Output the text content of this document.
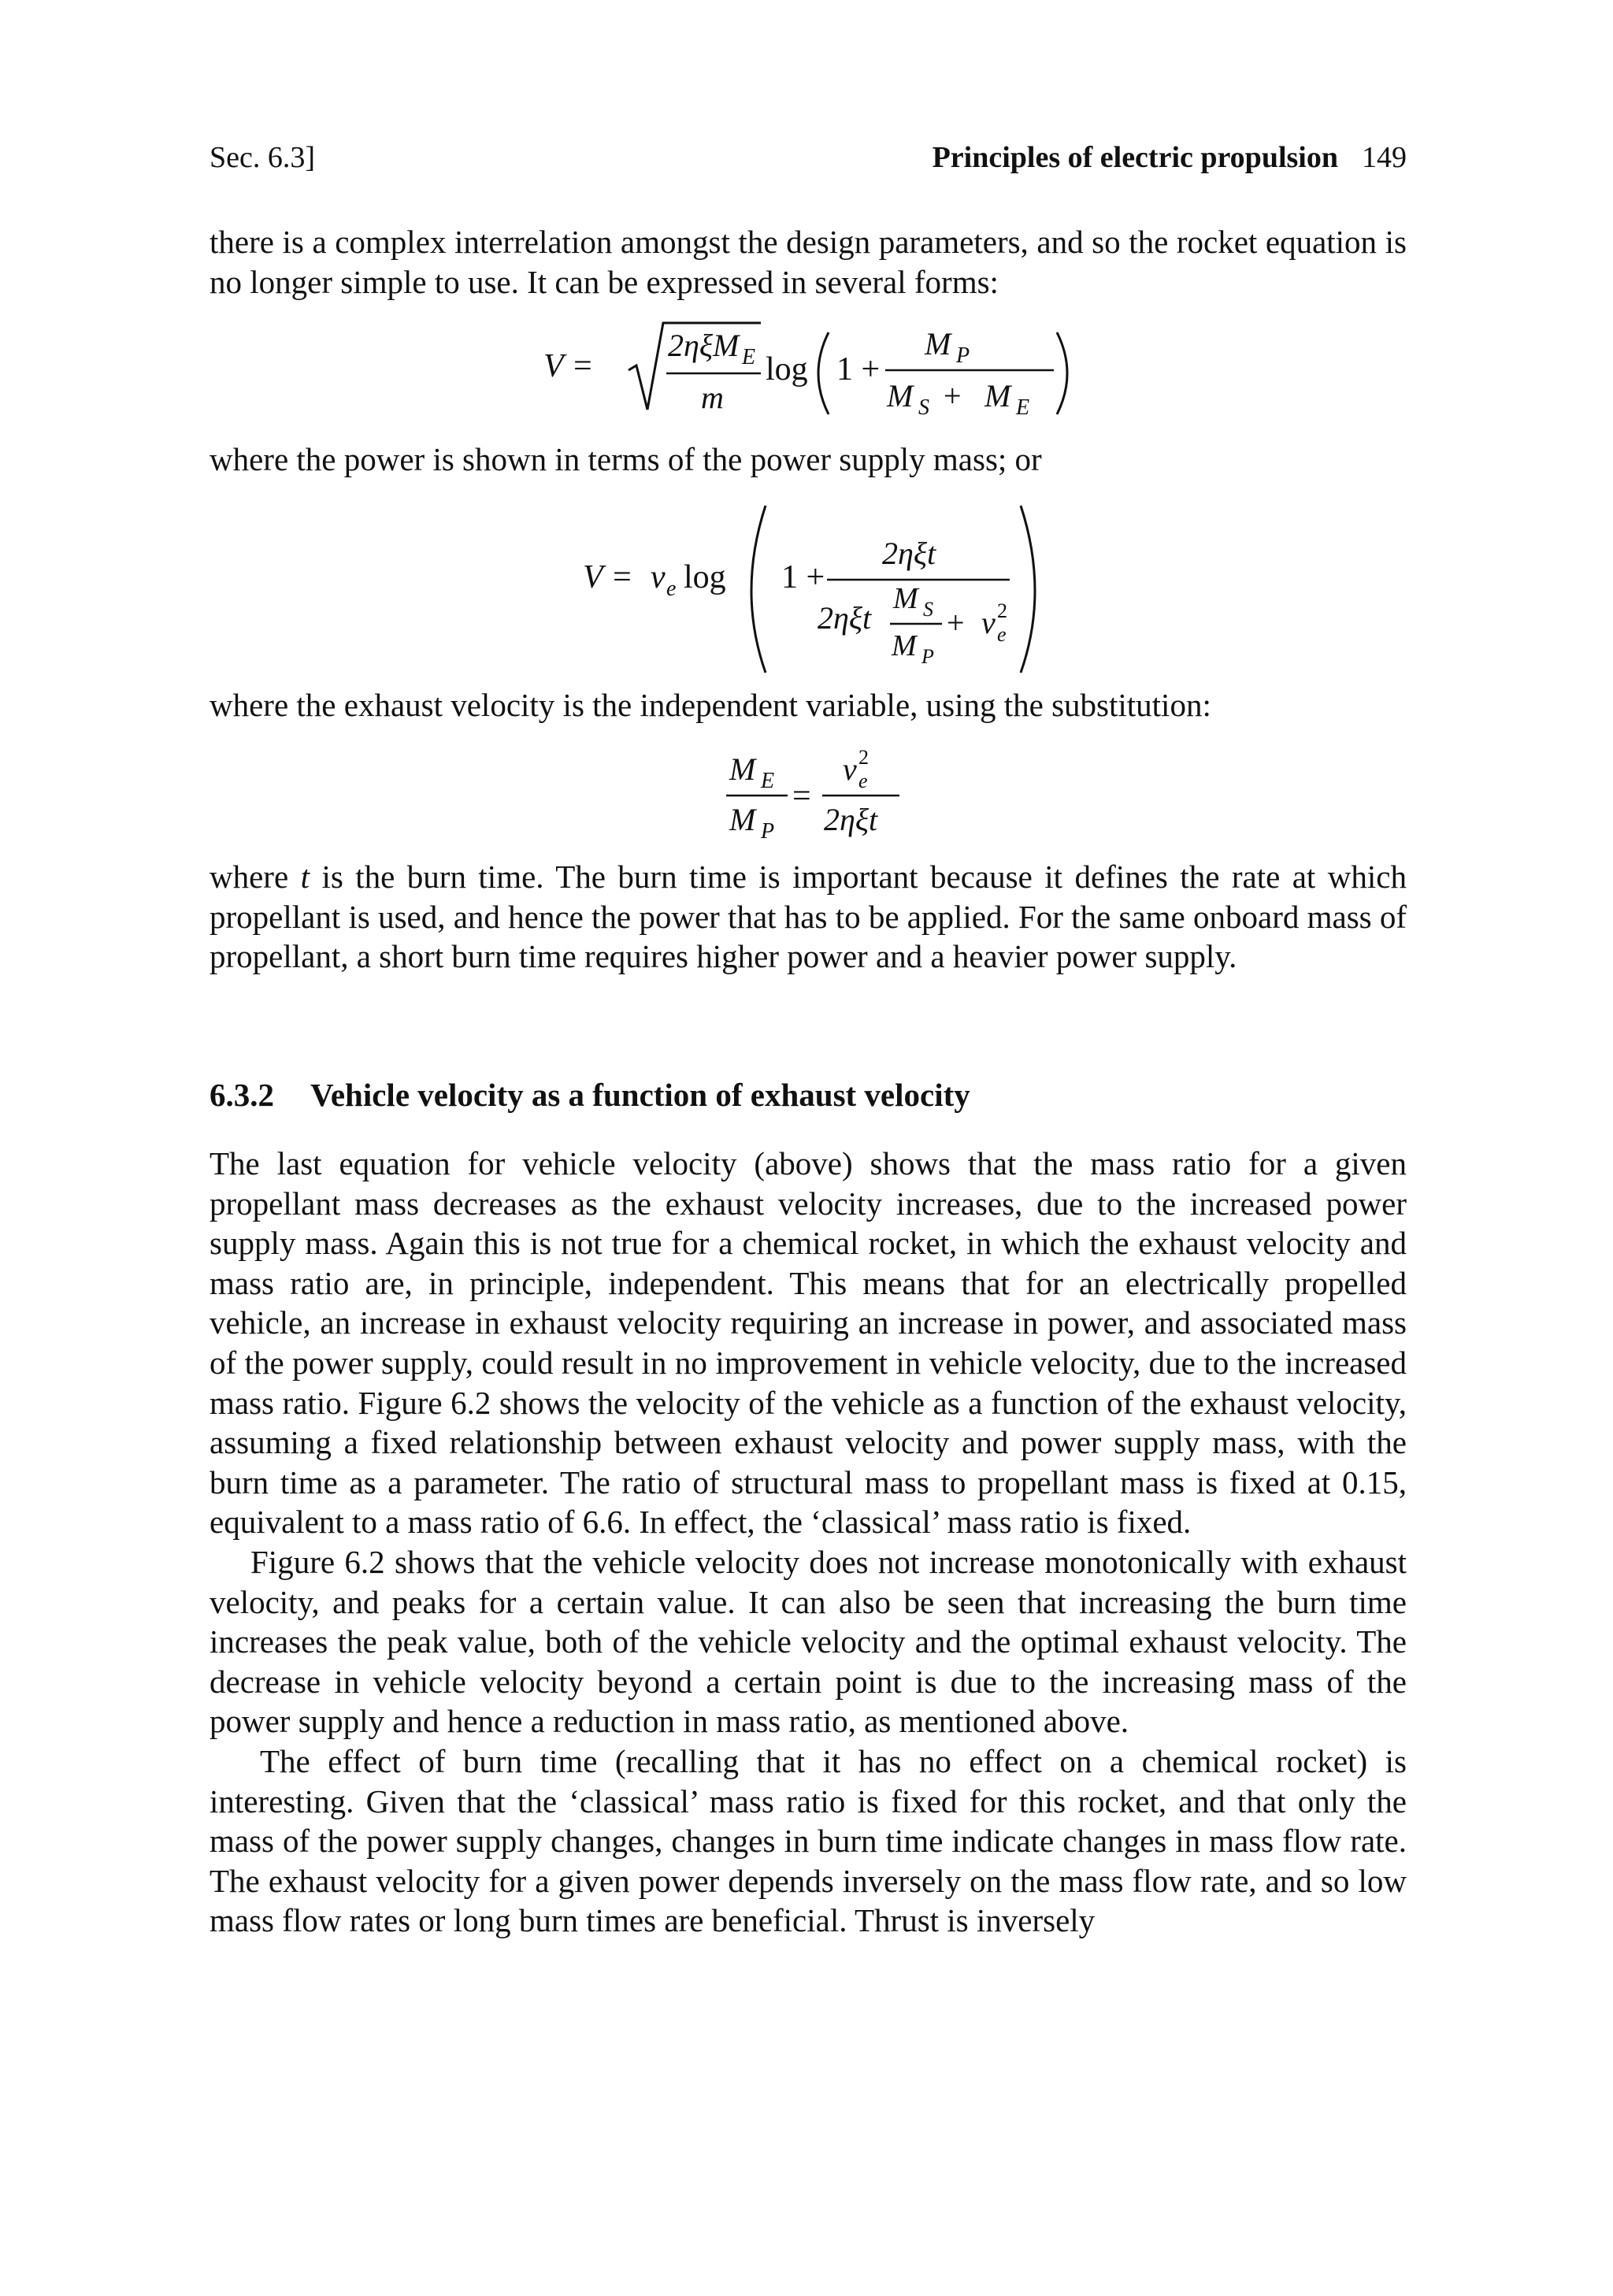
Sec. 6.3]	Principles of electric propulsion 149

there is a complex interrelation amongst the design parameters, and so the rocket equation is no longer simple to use. It can be expressed in several forms:

V =
2ηξM E
m
log 1 +
M P
M S + M E

where the power is shown in terms of the power supply mass; or

V = v e log 1 +
2ηξt
2ηξt
M S
M P
+ v e
2

where the exhaust velocity is the independent variable, using the substitution:

M E
M P
=
v e
2
2ηξt

where t is the burn time. The burn time is important because it defines the rate at which propellant is used, and hence the power that has to be applied. For the same onboard mass of propellant, a short burn time requires higher power and a heavier power supply.

6.3.2 Vehicle velocity as a function of exhaust velocity

The last equation for vehicle velocity (above) shows that the mass ratio for a given propellant mass decreases as the exhaust velocity increases, due to the increased power supply mass. Again this is not true for a chemical rocket, in which the exhaust velocity and mass ratio are, in principle, independent. This means that for an electrically propelled vehicle, an increase in exhaust velocity requiring an increase in power, and associated mass of the power supply, could result in no improvement in vehicle velocity, due to the increased mass ratio. Figure 6.2 shows the velocity of the vehicle as a function of the exhaust velocity, assuming a fixed relationship between exhaust velocity and power supply mass, with the burn time as a parameter. The ratio of structural mass to propellant mass is fixed at 0.15, equivalent to a mass ratio of 6.6. In effect, the ‘classical’ mass ratio is fixed.

Figure 6.2 shows that the vehicle velocity does not increase monotonically with exhaust velocity, and peaks for a certain value. It can also be seen that increasing the burn time increases the peak value, both of the vehicle velocity and the optimal exhaust velocity. The decrease in vehicle velocity beyond a certain point is due to the increasing mass of the power supply and hence a reduction in mass ratio, as mentioned above.

The effect of burn time (recalling that it has no effect on a chemical rocket) is interesting. Given that the ‘classical’ mass ratio is fixed for this rocket, and that only the mass of the power supply changes, changes in burn time indicate changes in mass flow rate. The exhaust velocity for a given power depends inversely on the mass flow rate, and so low mass flow rates or long burn times are beneficial. Thrust is inversely
